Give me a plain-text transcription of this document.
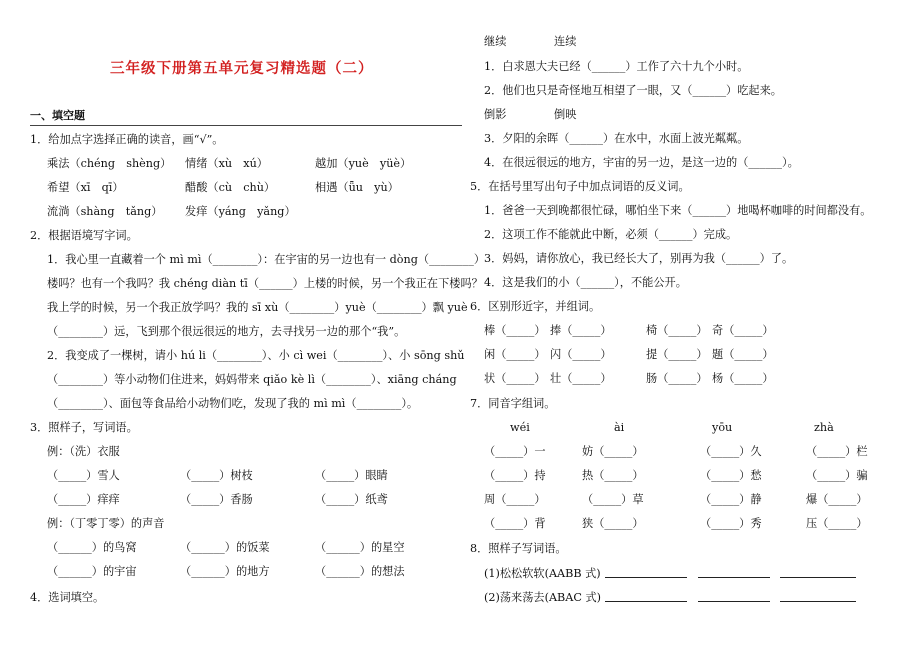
三年级下册第五单元复习精选题（二）
一、填空题
1．给加点字选择正确的读音，画“√”。
乘法（chéng　shèng） 情绪（xù　xú）	越加（yuè　yüè）
希望（xī　qī）	醋酸（cù　chù）	相遇（ǖu　yù）
流淌（shàng　tǎng） 发痒（yáng　yǎng）
2．根据语境写字词。
1．我心里一直藏着一个 mì mì（________）：在宇宙的另一边也有一 dòng（________）
楼吗？也有一个我吗？我 chéng diàn tī（______）上楼的时候，另一个我正在下楼吗？
我上学的时候，另一个我正放学吗？我的 sī xù（________）yuè（________）飘 yuè
（________）远，飞到那个很远很远的地方，去寻找另一边的那个“我”。
2．我变成了一棵树，请小 hú li（________）、小 cì wei（________）、小 sōng shǔ
（________）等小动物们住进来，妈妈带来 qiǎo kè lì（________）、xiāng cháng
（________）、面包等食品给小动物们吃，发现了我的 mì mì（________）。
3．照样子，写词语。
例：（洗）衣服
（_____）雪人	（_____）树枝	（_____）眼睛
（_____）痒痒	（_____）香肠	（_____）纸鸢
例：（丁零丁零）的声音
（______）的鸟窝	（______）的饭菜	（______）的星空
（______）的宇宙	（______）的地方	（______）的想法
4．选词填空。
继续	连续
1．白求恩大夫已经（______）工作了六十九个小时。
2．他们也只是奇怪地互相望了一眼，又（______）吃起来。
倒影	倒映
3．夕阳的余晖（______）在水中，水面上波光粼粼。
4．在很远很远的地方，宇宙的另一边，是这一边的（______）。
5．在括号里写出句子中加点词语的反义词。
1．爸爸一天到晚都很忙碌，哪怕坐下来（______）地喝杯咖啡的时间都没有。
2．这项工作不能就此中断，必须（______）完成。
3．妈妈，请你放心，我已经长大了，别再为我（______）了。
4．这是我们的小（______），不能公开。
6．区别形近字，并组词。
棒（_____） 捧（_____）	椅（_____） 奇（_____）
闲（_____） 闪（_____）	提（_____） 题（_____）
状（_____） 壮（_____）	肠（_____） 杨（_____）
7．同音字组词。
wéi	ài	yōu	zhà
（_____）一	妨（_____）	（_____）久	（_____）栏
（_____）持	热（_____）	（_____）愁	（_____）骗
周（_____）	（_____）草	（_____）静	爆（_____）
（_____）背	狭（_____）	（_____）秀	压（_____）
8．照样子写词语。
(1)松松软软(AABB 式)
(2)荡来荡去(ABAC 式)
